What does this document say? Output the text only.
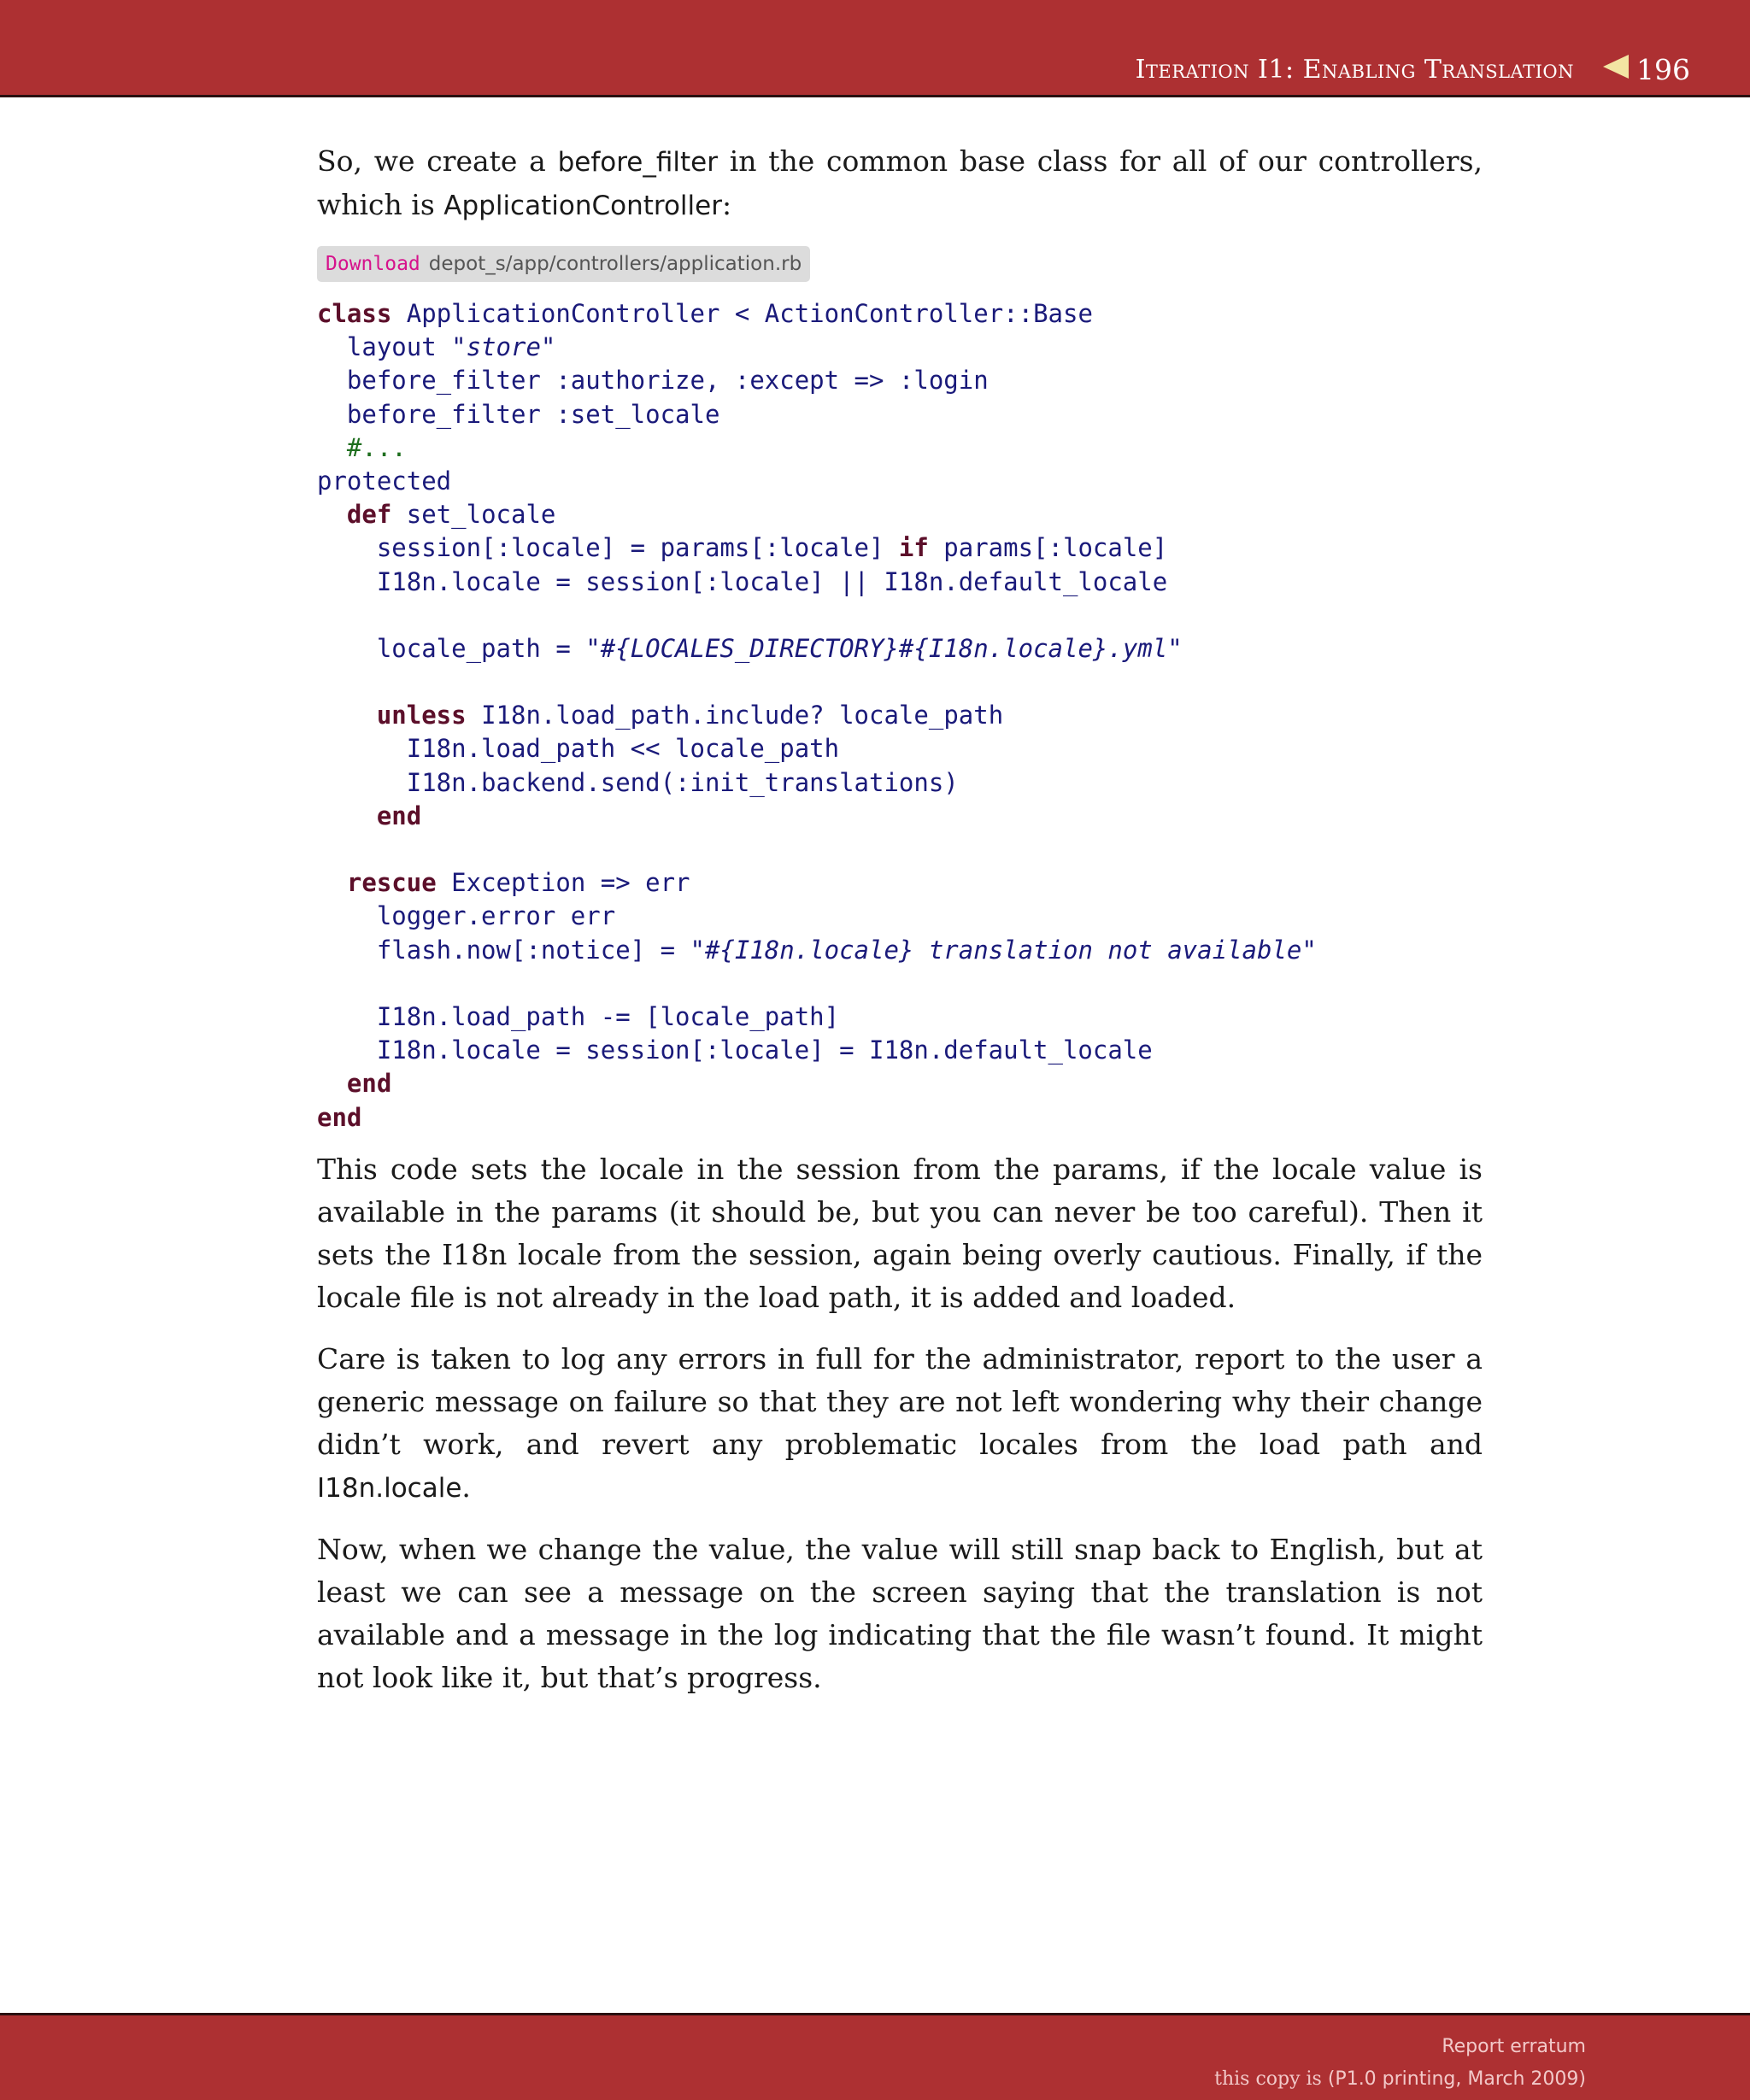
Iteration I1: Enabling Translation 196

So, we create a before_filter in the common base class for all of our controllers, which is ApplicationController:

Download depot_s/app/controllers/application.rb
class ApplicationController < ActionController::Base
layout "store"
before_filter :authorize, :except => :login
before_filter :set_locale
#...
protected
def set_locale
session[:locale] = params[:locale] if params[:locale]
I18n.locale = session[:locale] || I18n.default_locale
locale_path = "#{LOCALES_DIRECTORY}#{I18n.locale}.yml"
unless I18n.load_path.include? locale_path
I18n.load_path << locale_path
I18n.backend.send(:init_translations)
end
rescue Exception => err
logger.error err
flash.now[:notice] = "#{I18n.locale} translation not available"
I18n.load_path -= [locale_path]
I18n.locale = session[:locale] = I18n.default_locale
end
end

This code sets the locale in the session from the params, if the locale value is available in the params (it should be, but you can never be too careful). Then it sets the I18n locale from the session, again being overly cautious. Finally, if the locale file is not already in the load path, it is added and loaded.

Care is taken to log any errors in full for the administrator, report to the user a generic message on failure so that they are not left wondering why their change didn’t work, and revert any problematic locales from the load path and I18n.locale.

Now, when we change the value, the value will still snap back to English, but at least we can see a message on the screen saying that the translation is not available and a message in the log indicating that the file wasn’t found. It might not look like it, but that’s progress.

Report erratum
this copy is (P1.0 printing, March 2009)
